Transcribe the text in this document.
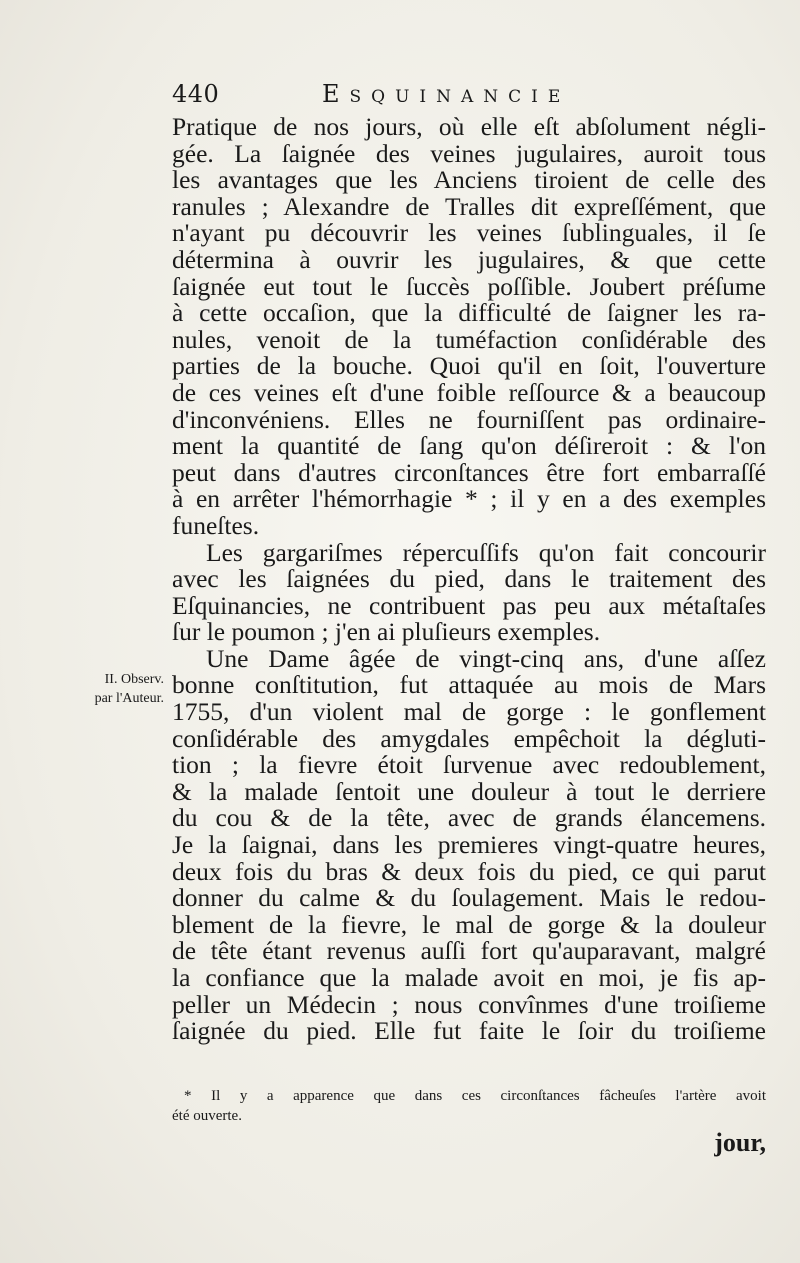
440	Esquinancie
Pratique de nos jours, où elle eſt abſolument négli-
gée. La ſaignée des veines jugulaires, auroit tous
les avantages que les Anciens tiroient de celle des
ranules ; Alexandre de Tralles dit expreſſément, que
n'ayant pu découvrir les veines ſublinguales, il ſe
détermina à ouvrir les jugulaires, & que cette
ſaignée eut tout le ſuccès poſſible. Joubert préſume
à cette occaſion, que la difficulté de ſaigner les ra-
nules, venoit de la tuméfaction conſidérable des
parties de la bouche. Quoi qu'il en ſoit, l'ouverture
de ces veines eſt d'une foible reſſource & a beaucoup
d'inconvéniens. Elles ne fourniſſent pas ordinaire-
ment la quantité de ſang qu'on déſireroit : & l'on
peut dans d'autres circonſtances être fort embarraſſé
à en arrêter l'hémorrhagie * ; il y en a des exemples
funeſtes.
Les gargariſmes répercuſſifs qu'on fait concourir
avec les ſaignées du pied, dans le traitement des
Eſquinancies, ne contribuent pas peu aux métaſtaſes
ſur le poumon ; j'en ai pluſieurs exemples.
Une Dame âgée de vingt-cinq ans, d'une aſſez
bonne conſtitution, fut attaquée au mois de Mars
1755, d'un violent mal de gorge : le gonflement
conſidérable des amygdales empêchoit la dégluti-
tion ; la fievre étoit ſurvenue avec redoublement,
& la malade ſentoit une douleur à tout le derriere
du cou & de la tête, avec de grands élancemens.
Je la ſaignai, dans les premieres vingt-quatre heures,
deux fois du bras & deux fois du pied, ce qui parut
donner du calme & du ſoulagement. Mais le redou-
blement de la fievre, le mal de gorge & la douleur
de tête étant revenus auſſi fort qu'auparavant, malgré
la confiance que la malade avoit en moi, je fis ap-
peller un Médecin ; nous convînmes d'une troiſieme
ſaignée du pied. Elle fut faite le ſoir du troiſieme
II. Observ.
par l'Auteur.
* Il y a apparence que dans ces circonſtances fâcheuſes l'artère avoit
été ouverte.
jour,
